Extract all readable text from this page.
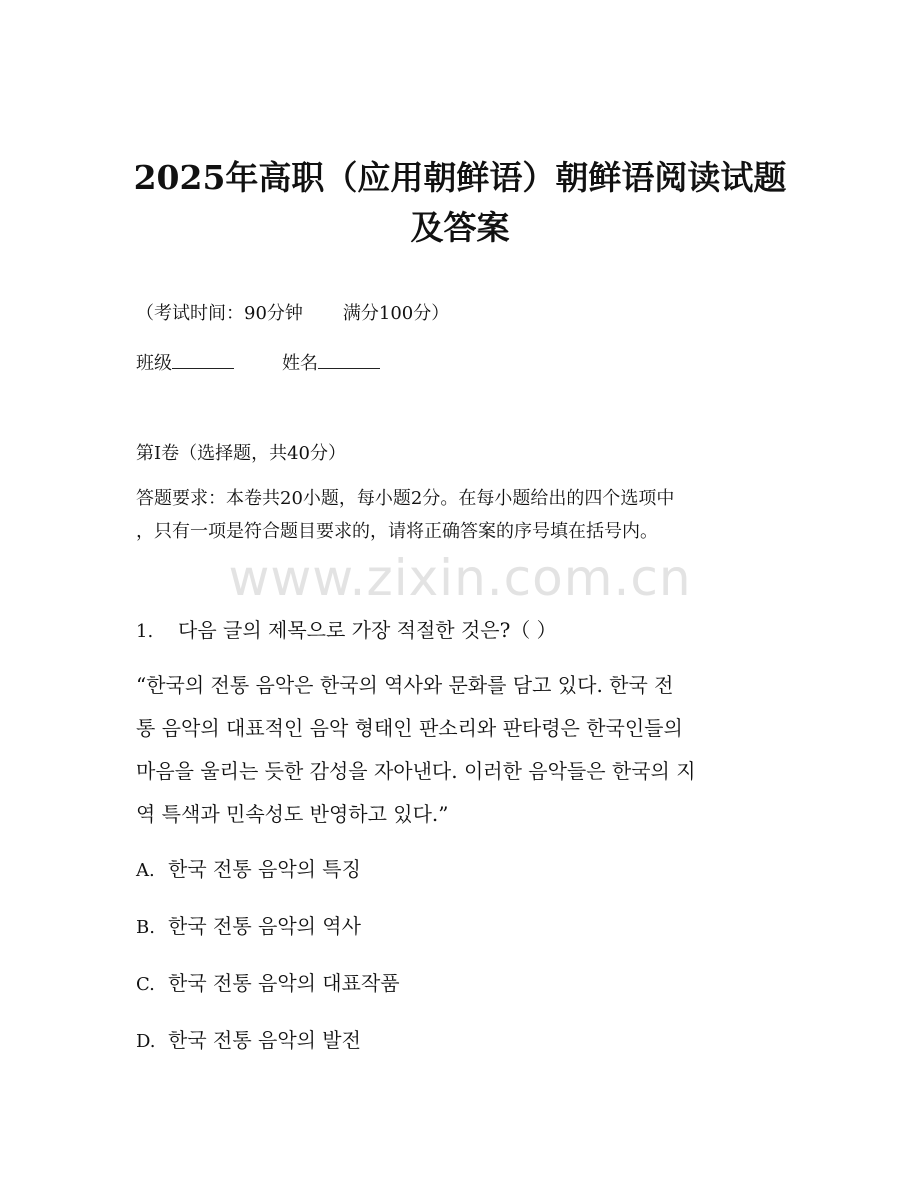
2025年高职（应用朝鲜语）朝鲜语阅读试题
及答案
（考试时间：90分钟 满分100分）
班级	姓名
第I卷（选择题，共40分）
答题要求：本卷共20小题，每小题2分。在每小题给出的四个选项中
，只有一项是符合题目要求的，请将正确答案的序号填在括号内。
www.zixin.com.cn
1. 다음 글의 제목으로 가장 적절한 것은?（ ）
“한국의 전통 음악은 한국의 역사와 문화를 담고 있다. 한국 전
통 음악의 대표적인 음악 형태인 판소리와 판타령은 한국인들의
마음을 울리는 듯한 감성을 자아낸다. 이러한 음악들은 한국의 지
역 특색과 민속성도 반영하고 있다.”
A. 한국 전통 음악의 특징
B. 한국 전통 음악의 역사
C. 한국 전통 음악의 대표작품
D. 한국 전통 음악의 발전
